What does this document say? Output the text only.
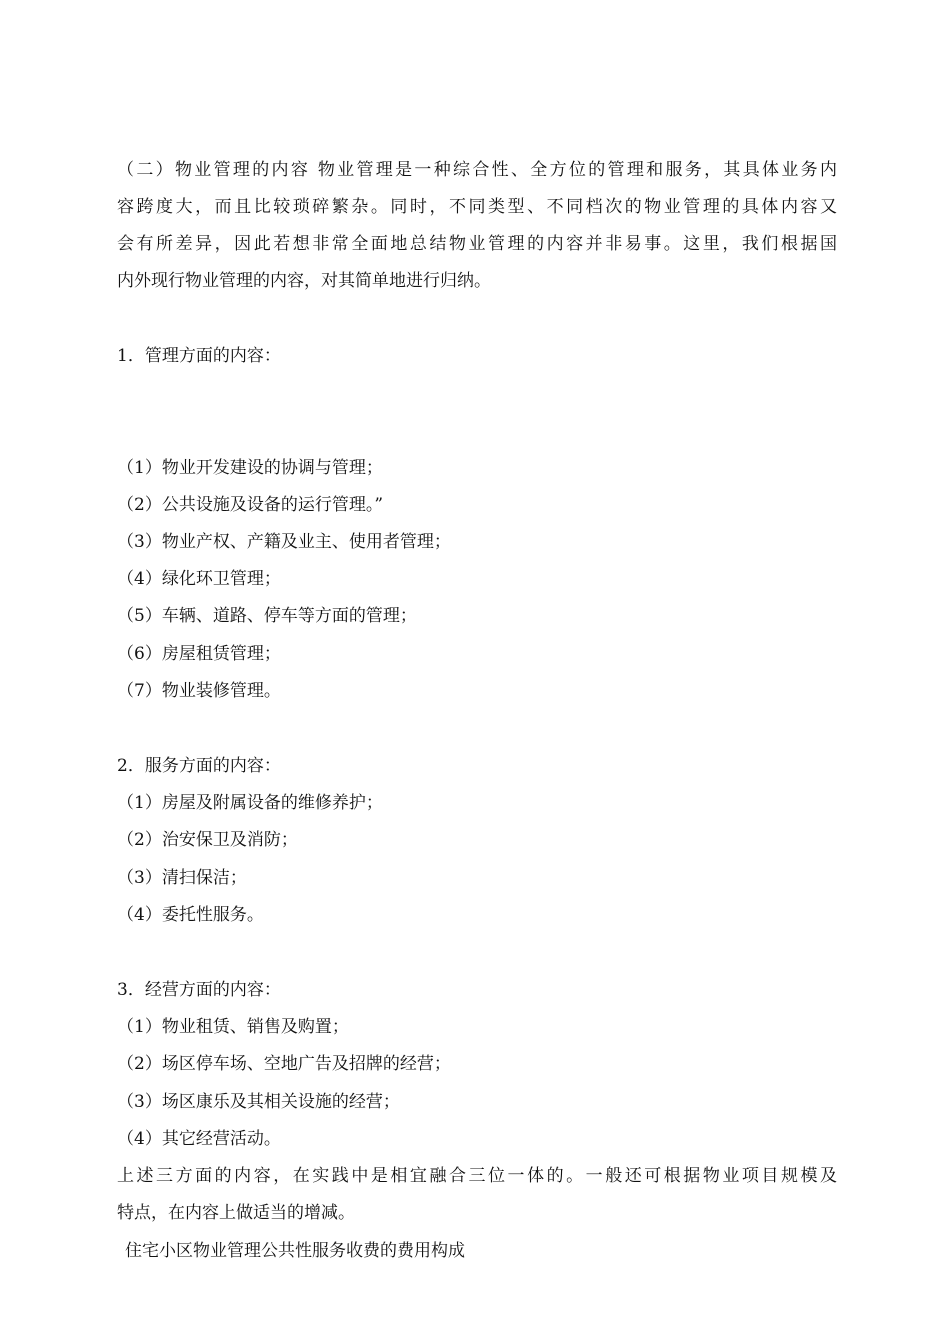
（二）物业管理的内容 物业管理是一种综合性、全方位的管理和服务，其具体业务内
容跨度大，而且比较琐碎繁杂。同时，不同类型、不同档次的物业管理的具体内容又
会有所差异，因此若想非常全面地总结物业管理的内容并非易事。这里，我们根据国
内外现行物业管理的内容，对其简单地进行归纳。
1．管理方面的内容：
（1）物业开发建设的协调与管理；
（2）公共设施及设备的运行管理。”
（3）物业产权、产籍及业主、使用者管理；
（4）绿化环卫管理；
（5）车辆、道路、停车等方面的管理；
（6）房屋租赁管理；
（7）物业装修管理。
2．服务方面的内容：
（1）房屋及附属设备的维修养护；
（2）治安保卫及消防；
（3）清扫保洁；
（4）委托性服务。
3．经营方面的内容：
（1）物业租赁、销售及购置；
（2）场区停车场、空地广告及招牌的经营；
（3）场区康乐及其相关设施的经营；
（4）其它经营活动。
上述三方面的内容，在实践中是相宜融合三位一体的。一般还可根据物业项目规模及
特点，在内容上做适当的增减。
住宅小区物业管理公共性服务收费的费用构成
